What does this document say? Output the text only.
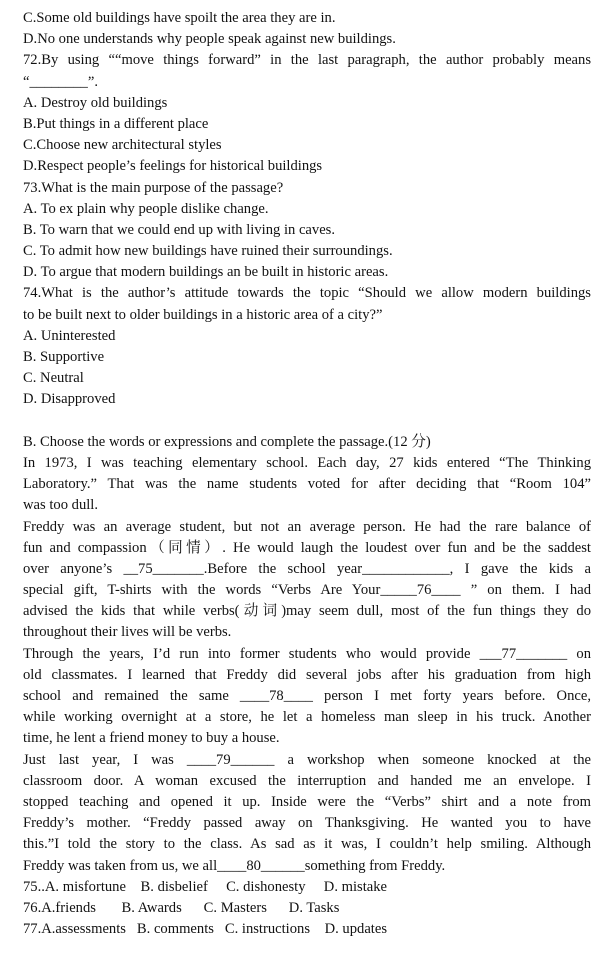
C.Some old buildings have spoilt the area they are in.
D.No one understands why people speak against new buildings.
72.By using ““move things forward” in the last paragraph, the author probably means
“________”.
A. Destroy old buildings
B.Put things in a different place
C.Choose new architectural styles
D.Respect people’s feelings for historical buildings
73.What is the main purpose of the passage?
A. To ex plain why people dislike change.
B. To warn that we could end up with living in caves.
C. To admit how new buildings have ruined their surroundings.
D. To argue that modern buildings an be built in historic areas.
74.What is the author’s attitude towards the topic “Should we allow modern buildings
to be built next to older buildings in a historic area of a city?”
A. Uninterested
B. Supportive
C. Neutral
D. Disapproved
B. Choose the words or expressions and complete the passage.(12 分)
In 1973, I was teaching elementary school. Each day, 27 kids entered “The Thinking
Laboratory.” That was the name students voted for after deciding that “Room 104”
was too dull.
Freddy was an average student, but not an average person. He had the rare balance of
fun and compassion（同情）. He would laugh the loudest over fun and be the saddest
over anyone’s __75_______.Before the school year____________, I gave the kids a
special gift, T-shirts with the words “Verbs Are Your_____76____ ” on them. I had
advised the kids that while verbs(动词)may seem dull, most of the fun things they do
throughout their lives will be verbs.
Through the years, I’d run into former students who would provide ___77_______ on
old classmates. I learned that Freddy did several jobs after his graduation from high
school and remained the same ____78____ person I met forty years before. Once,
while working overnight at a store, he let a homeless man sleep in his truck. Another
time, he lent a friend money to buy a house.
Just last year, I was ____79______ a workshop when someone knocked at the
classroom door. A woman excused the interruption and handed me an envelope. I
stopped teaching and opened it up. Inside were the “Verbs” shirt and a note from
Freddy’s mother. “Freddy passed away on Thanksgiving. He wanted you to have
this.”I told the story to the class. As sad as it was, I couldn’t help smiling. Although
Freddy was taken from us, we all____80______something from Freddy.
75..A. misfortune    B. disbelief     C. dishonesty     D. mistake
76.A.friends       B. Awards      C. Masters      D. Tasks
77.A.assessments   B. comments   C. instructions    D. updates
